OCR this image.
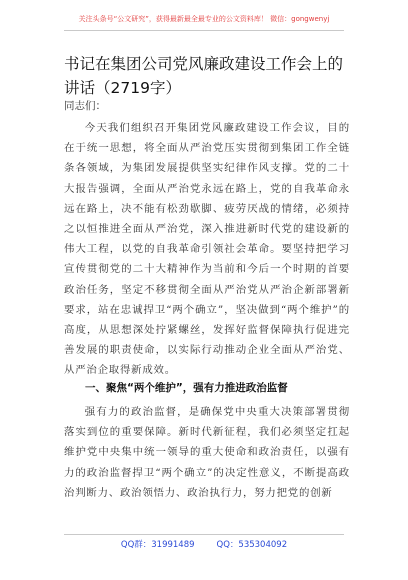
关注头条号“公文研究”，获得最新最全最专业的公文资料库！ 微信：gongwenyj
书记在集团公司党风廉政建设工作会上的讲话（2719字）
同志们：

今天我们组织召开集团党风廉政建设工作会议，目的在于统一思想，将全面从严治党压实贯彻到集团工作全链条各领域，为集团发展提供坚实纪律作风支撑。党的二十大报告强调，全面从严治党永远在路上，党的自我革命永远在路上，决不能有松劲歇脚、疲劳厌战的情绪，必须持之以恒推进全面从严治党，深入推进新时代党的建设新的伟大工程，以党的自我革命引领社会革命。要坚持把学习宣传贯彻党的二十大精神作为当前和今后一个时期的首要政治任务，坚定不移贯彻全面从严治党从严治企新部署新要求，站在忠诚捍卫“两个确立”，坚决做到“两个维护”的高度，从思想深处拧紧螺丝，发挥好监督保障执行促进完善发展的职责使命，以实际行动推动企业全面从严治党、从严治企取得新成效。

一、聚焦“两个维护”，强有力推进政治监督

强有力的政治监督，是确保党中央重大决策部署贯彻落实到位的重要保障。新时代新征程，我们必须坚定扛起维护党中央集中统一领导的重大使命和政治责任，以强有力的政治监督捍卫“两个确立”的决定性意义，不断提高政治判断力、政治领悟力、政治执行力，努力把党的创新

QQ群：31991489	QQ：535304092
